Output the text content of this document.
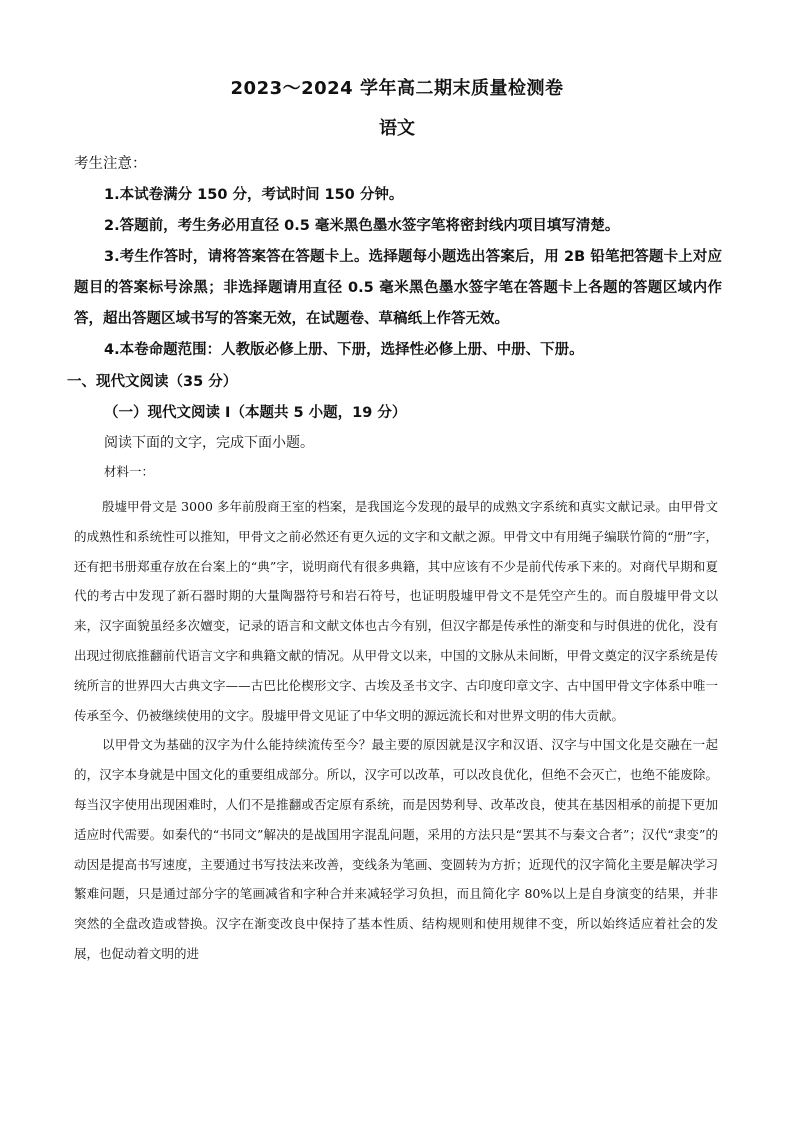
2023～2024 学年高二期末质量检测卷
语文
考生注意：

1.本试卷满分 150 分，考试时间 150 分钟。

2.答题前，考生务必用直径 0.5 毫米黑色墨水签字笔将密封线内项目填写清楚。

3.考生作答时，请将答案答在答题卡上。选择题每小题选出答案后，用 2B 铅笔把答题卡上对应题目的答案标号涂黑；非选择题请用直径 0.5 毫米黑色墨水签字笔在答题卡上各题的答题区域内作答，超出答题区域书写的答案无效，在试题卷、草稿纸上作答无效。

4.本卷命题范围：人教版必修上册、下册，选择性必修上册、中册、下册。

一、现代文阅读（35 分）
（一）现代文阅读 I（本题共 5 小题，19 分）
阅读下面的文字，完成下面小题。
材料一：

殷墟甲骨文是 3000 多年前殷商王室的档案，是我国迄今发现的最早的成熟文字系统和真实文献记录。由甲骨文的成熟性和系统性可以推知，甲骨文之前必然还有更久远的文字和文献之源。甲骨文中有用绳子编联竹简的“册”字，还有把书册郑重存放在台案上的“典”字，说明商代有很多典籍，其中应该有不少是前代传承下来的。对商代早期和夏代的考古中发现了新石器时期的大量陶器符号和岩石符号，也证明殷墟甲骨文不是凭空产生的。而自殷墟甲骨文以来，汉字面貌虽经多次嬗变，记录的语言和文献文体也古今有别，但汉字都是传承性的渐变和与时俱进的优化，没有出现过彻底推翻前代语言文字和典籍文献的情况。从甲骨文以来，中国的文脉从未间断，甲骨文奠定的汉字系统是传统所言的世界四大古典文字——古巴比伦楔形文字、古埃及圣书文字、古印度印章文字、古中国甲骨文字体系中唯一传承至今、仍被继续使用的文字。殷墟甲骨文见证了中华文明的源远流长和对世界文明的伟大贡献。

以甲骨文为基础的汉字为什么能持续流传至今？最主要的原因就是汉字和汉语、汉字与中国文化是交融在一起的，汉字本身就是中国文化的重要组成部分。所以，汉字可以改革，可以改良优化，但绝不会灭亡，也绝不能废除。每当汉字使用出现困难时，人们不是推翻或否定原有系统，而是因势利导、改革改良，使其在基因相承的前提下更加适应时代需要。如秦代的“书同文”解决的是战国用字混乱问题，采用的方法只是“罢其不与秦文合者”；汉代“隶变”的动因是提高书写速度，主要通过书写技法来改善，变线条为笔画、变圆转为方折；近现代的汉字简化主要是解决学习繁难问题，只是通过部分字的笔画减省和字种合并来减轻学习负担，而且简化字 80%以上是自身演变的结果，并非突然的全盘改造或替换。汉字在渐变改良中保持了基本性质、结构规则和使用规律不变，所以始终适应着社会的发展，也促动着文明的进
